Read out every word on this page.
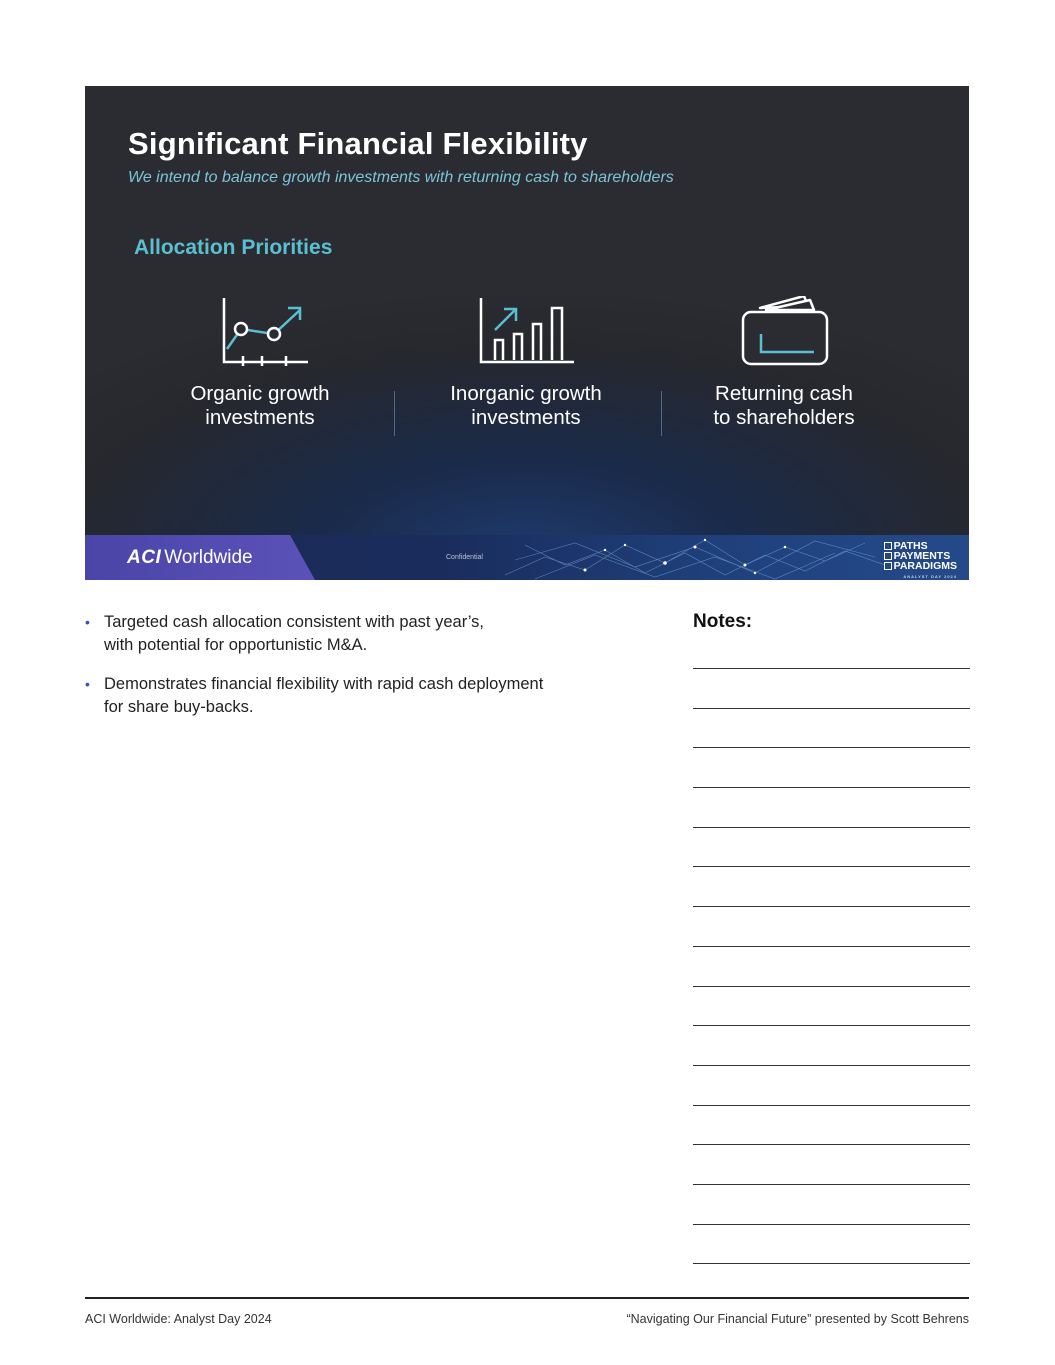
Significant Financial Flexibility
We intend to balance growth investments with returning cash to shareholders
Allocation Priorities
Organic growth
investments
Inorganic growth
investments
Returning cash
to shareholders
ACI Worldwide	Confidential
PATHS
PAYMENTS
PARADIGMS
ANALYST DAY 2024
• Targeted cash allocation consistent with past year’s,
with potential for opportunistic M&A.
• Demonstrates financial flexibility with rapid cash deployment
for share buy-backs.
Notes:
ACI Worldwide: Analyst Day 2024	“Navigating Our Financial Future” presented by Scott Behrens
